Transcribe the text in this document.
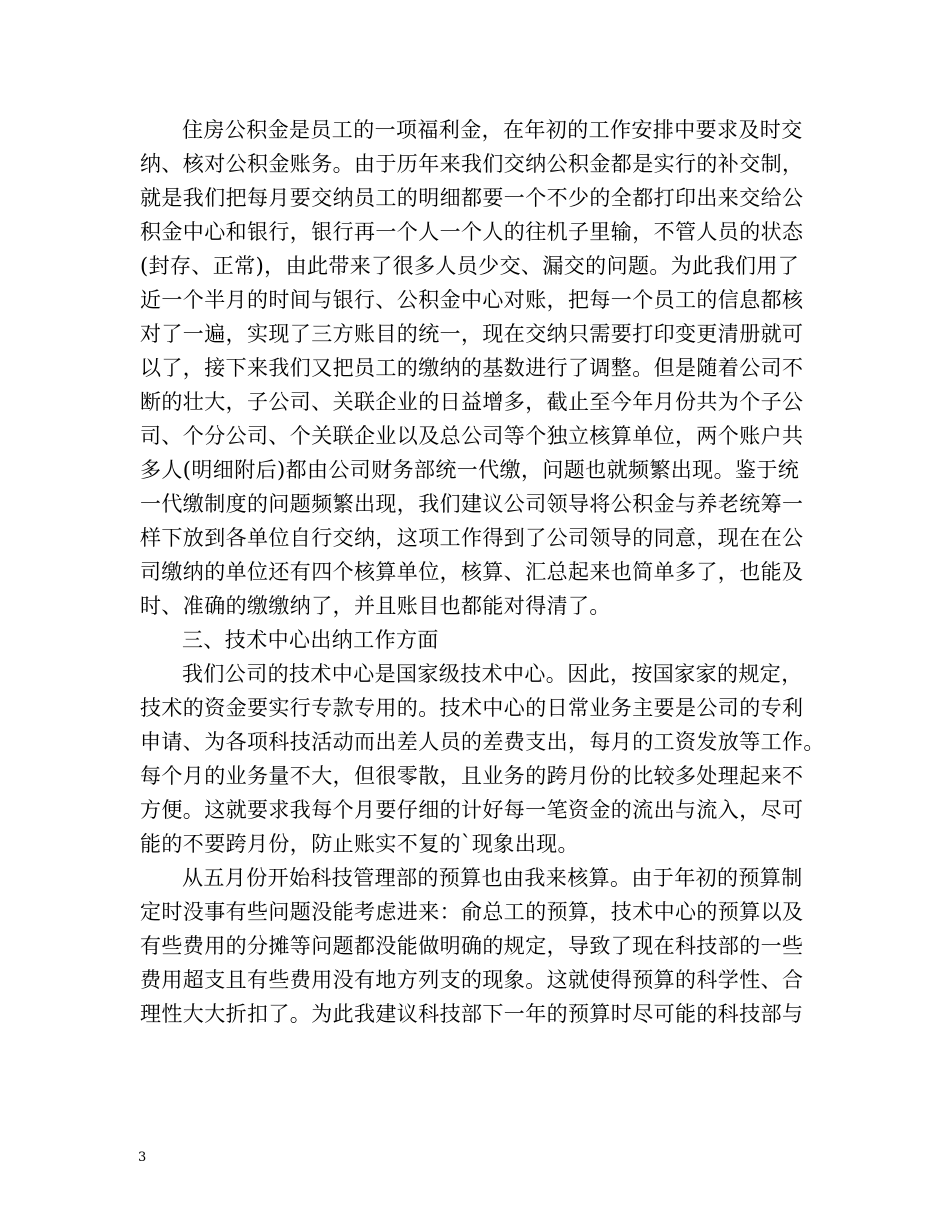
住房公积金是员工的一项福利金，在年初的工作安排中要求及时交
纳、核对公积金账务。由于历年来我们交纳公积金都是实行的补交制，
就是我们把每月要交纳员工的明细都要一个不少的全都打印出来交给公
积金中心和银行，银行再一个人一个人的往机子里输，不管人员的状态
(封存、正常)，由此带来了很多人员少交、漏交的问题。为此我们用了
近一个半月的时间与银行、公积金中心对账，把每一个员工的信息都核
对了一遍，实现了三方账目的统一，现在交纳只需要打印变更清册就可
以了，接下来我们又把员工的缴纳的基数进行了调整。但是随着公司不
断的壮大，子公司、关联企业的日益增多，截止至今年月份共为个子公
司、个分公司、个关联企业以及总公司等个独立核算单位，两个账户共
多人(明细附后)都由公司财务部统一代缴，问题也就频繁出现。鉴于统
一代缴制度的问题频繁出现，我们建议公司领导将公积金与养老统筹一
样下放到各单位自行交纳，这项工作得到了公司领导的同意，现在在公
司缴纳的单位还有四个核算单位，核算、汇总起来也简单多了，也能及
时、准确的缴缴纳了，并且账目也都能对得清了。
三、技术中心出纳工作方面
我们公司的技术中心是国家级技术中心。因此，按国家家的规定，
技术的资金要实行专款专用的。技术中心的日常业务主要是公司的专利
申请、为各项科技活动而出差人员的差费支出，每月的工资发放等工作。
每个月的业务量不大，但很零散，且业务的跨月份的比较多处理起来不
方便。这就要求我每个月要仔细的计好每一笔资金的流出与流入，尽可
能的不要跨月份，防止账实不复的`现象出现。
从五月份开始科技管理部的预算也由我来核算。由于年初的预算制
定时没事有些问题没能考虑进来：俞总工的预算，技术中心的预算以及
有些费用的分摊等问题都没能做明确的规定，导致了现在科技部的一些
费用超支且有些费用没有地方列支的现象。这就使得预算的科学性、合
理性大大折扣了。为此我建议科技部下一年的预算时尽可能的科技部与
3
